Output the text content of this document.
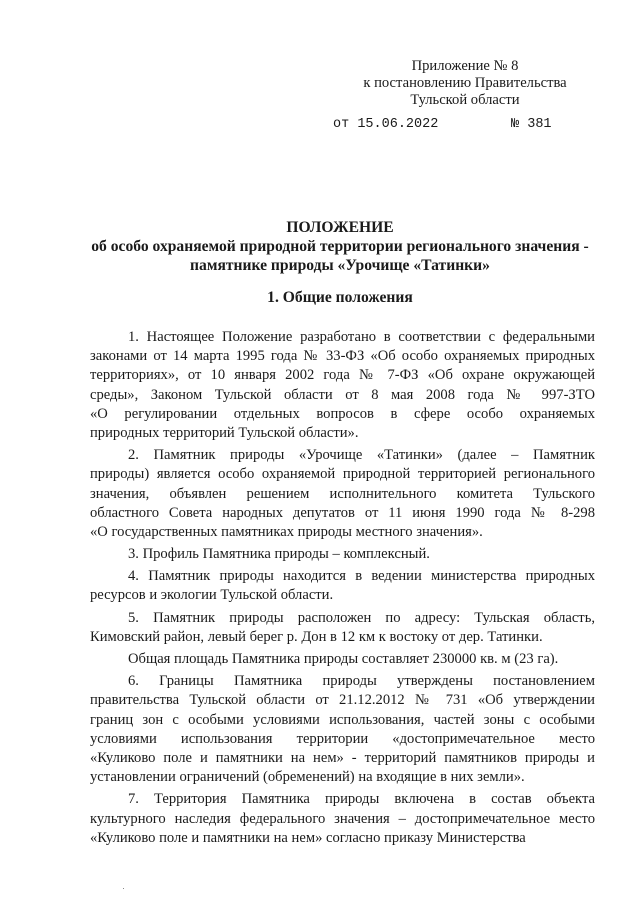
Приложение № 8
к постановлению Правительства
Тульской области
от 15.06.2022	№ 381
ПОЛОЖЕНИЕ
об особо охраняемой природной территории регионального значения -
памятнике природы «Урочище «Татинки»
1. Общие положения

1. Настоящее Положение разработано в соответствии с федеральными
законами от 14 марта 1995 года № 33-ФЗ «Об особо охраняемых природных
территориях», от 10 января 2002 года № 7-ФЗ «Об охране окружающей
среды», Законом Тульской области от 8 мая 2008 года № 997-ЗТО
«О регулировании отдельных вопросов в сфере особо охраняемых
природных территорий Тульской области».

2. Памятник природы «Урочище «Татинки» (далее – Памятник
природы) является особо охраняемой природной территорией регионального
значения, объявлен решением исполнительного комитета Тульского
областного Совета народных депутатов от 11 июня 1990 года № 8-298
«О государственных памятниках природы местного значения».

3. Профиль Памятника природы – комплексный.

4. Памятник природы находится в ведении министерства природных
ресурсов и экологии Тульской области.

5. Памятник природы расположен по адресу: Тульская область,
Кимовский район, левый берег р. Дон в 12 км к востоку от дер. Татинки.

Общая площадь Памятника природы составляет 230000 кв. м (23 га).

6. Границы Памятника природы утверждены постановлением
правительства Тульской области от 21.12.2012 № 731 «Об утверждении
границ зон с особыми условиями использования, частей зоны с особыми
условиями использования территории «достопримечательное место
«Куликово поле и памятники на нем» - территорий памятников природы и
установлении ограничений (обременений) на входящие в них земли».

7. Территория Памятника природы включена в состав объекта
культурного наследия федерального значения – достопримечательное место
«Куликово поле и памятники на нем» согласно приказу Министерства
